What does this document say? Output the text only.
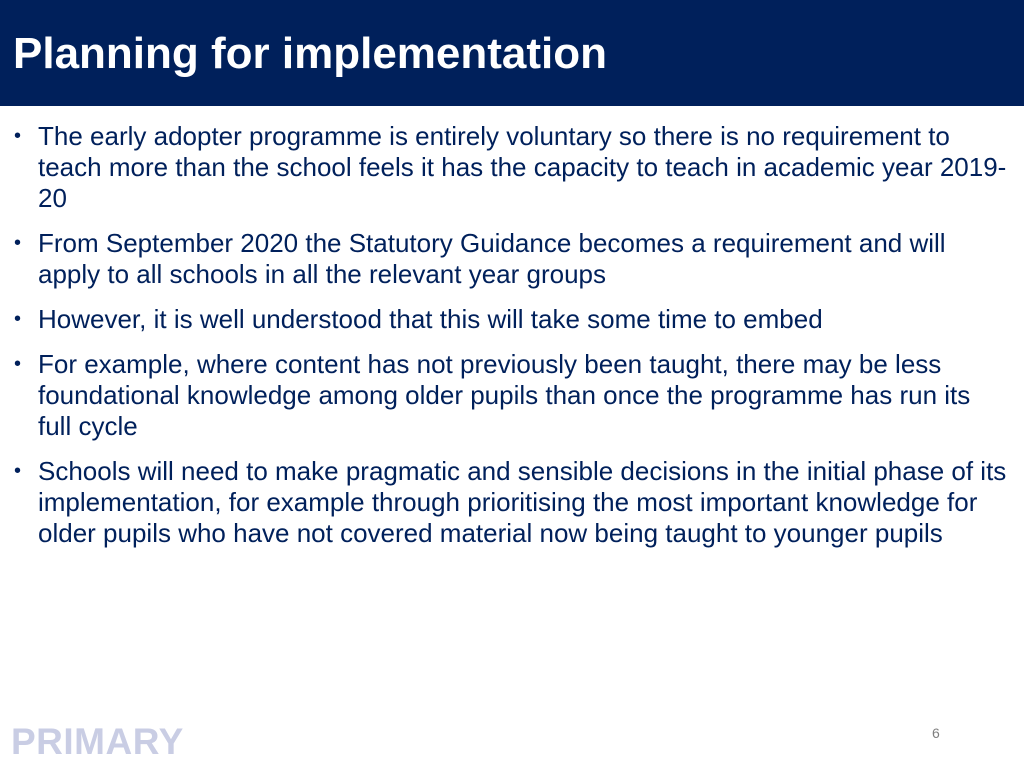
Planning for implementation
• The early adopter programme is entirely voluntary so there is no requirement to teach more than the school feels it has the capacity to teach in academic year 2019-20
• From September 2020 the Statutory Guidance becomes a requirement and will apply to all schools in all the relevant year groups
• However, it is well understood that this will take some time to embed
• For example, where content has not previously been taught, there may be less foundational knowledge among older pupils than once the programme has run its full cycle
• Schools will need to make pragmatic and sensible decisions in the initial phase of its implementation, for example through prioritising the most important knowledge for older pupils who have not covered material now being taught to younger pupils
PRIMARY	6
